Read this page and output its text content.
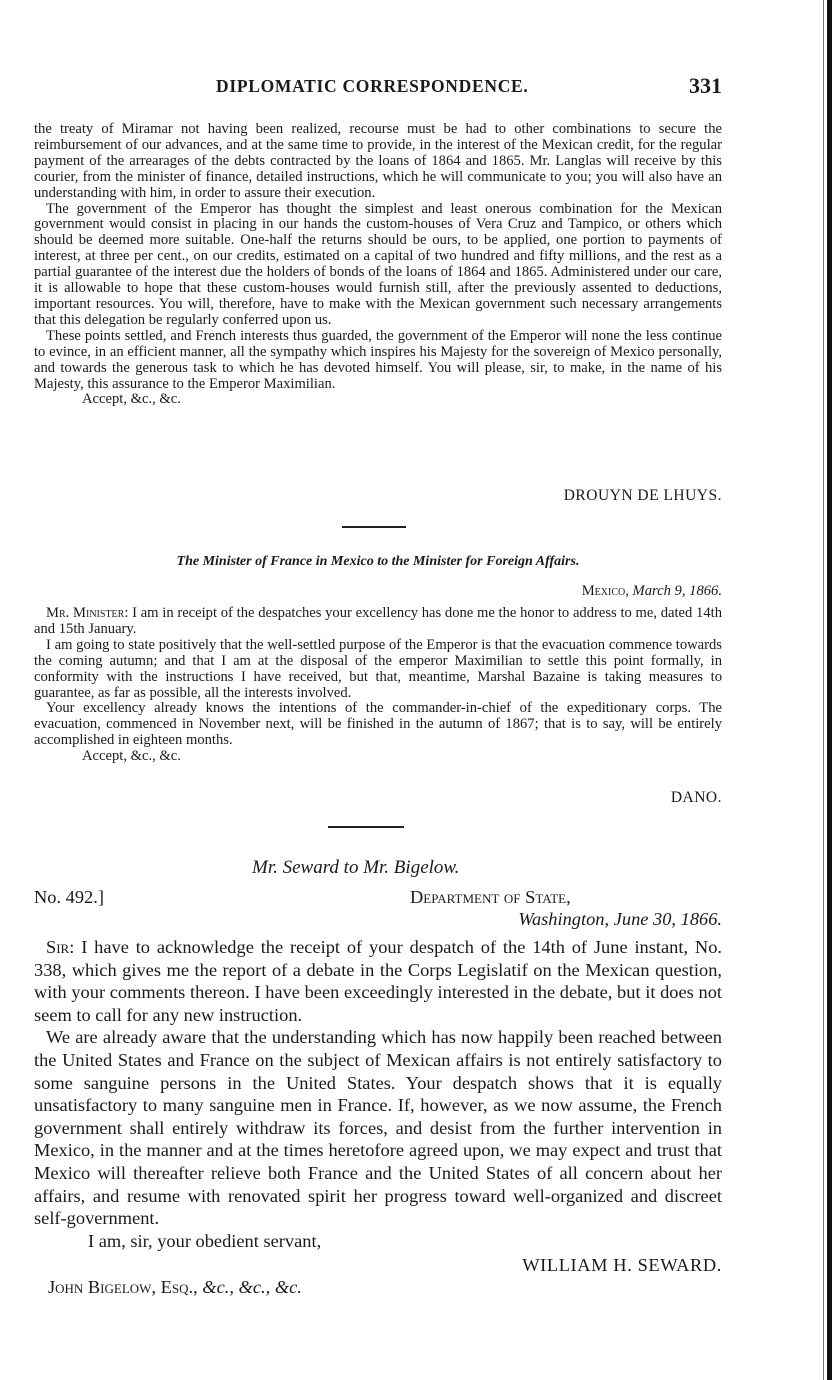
DIPLOMATIC CORRESPONDENCE.	331

the treaty of Miramar not having been realized, recourse must be had to other combinations to secure the reimbursement of our advances, and at the same time to provide, in the interest of the Mexican credit, for the regular payment of the arrearages of the debts contracted by the loans of 1864 and 1865. Mr. Langlas will receive by this courier, from the minister of finance, detailed instructions, which he will communicate to you; you will also have an understanding with him, in order to assure their execution.

The government of the Emperor has thought the simplest and least onerous combination for the Mexican government would consist in placing in our hands the custom-houses of Vera Cruz and Tampico, or others which should be deemed more suitable. One-half the returns should be ours, to be applied, one portion to payments of interest, at three per cent., on our credits, estimated on a capital of two hundred and fifty millions, and the rest as a partial guarantee of the interest due the holders of bonds of the loans of 1864 and 1865. Administered under our care, it is allowable to hope that these custom-houses would furnish still, after the previously assented to deductions, important resources. You will, therefore, have to make with the Mexican government such necessary arrangements that this delegation be regularly conferred upon us.

These points settled, and French interests thus guarded, the government of the Emperor will none the less continue to evince, in an efficient manner, all the sympathy which inspires his Majesty for the sovereign of Mexico personally, and towards the generous task to which he has devoted himself. You will please, sir, to make, in the name of his Majesty, this assurance to the Emperor Maximilian.

Accept, &c., &c.

DROUYN DE LHUYS.
The Minister of France in Mexico to the Minister for Foreign Affairs.
Mexico, March 9, 1866.

Mr. Minister: I am in receipt of the despatches your excellency has done me the honor to address to me, dated 14th and 15th January.

I am going to state positively that the well-settled purpose of the Emperor is that the evacuation commence towards the coming autumn; and that I am at the disposal of the emperor Maximilian to settle this point formally, in conformity with the instructions I have received, but that, meantime, Marshal Bazaine is taking measures to guarantee, as far as possible, all the interests involved.

Your excellency already knows the intentions of the commander-in-chief of the expeditionary corps. The evacuation, commenced in November next, will be finished in the autumn of 1867; that is to say, will be entirely accomplished in eighteen months.

Accept, &c., &c.

DANO.
Mr. Seward to Mr. Bigelow.
No. 492.]	Department of State,
Washington, June 30, 1866.

Sir: I have to acknowledge the receipt of your despatch of the 14th of June instant, No. 338, which gives me the report of a debate in the Corps Legislatif on the Mexican question, with your comments thereon. I have been exceedingly interested in the debate, but it does not seem to call for any new instruction.

We are already aware that the understanding which has now happily been reached between the United States and France on the subject of Mexican affairs is not entirely satisfactory to some sanguine persons in the United States. Your despatch shows that it is equally unsatisfactory to many sanguine men in France. If, however, as we now assume, the French government shall entirely withdraw its forces, and desist from the further intervention in Mexico, in the manner and at the times heretofore agreed upon, we may expect and trust that Mexico will thereafter relieve both France and the United States of all concern about her affairs, and resume with renovated spirit her progress toward well-organized and discreet self-government.

I am, sir, your obedient servant,

WILLIAM H. SEWARD.
John Bigelow, Esq., &c., &c., &c.
